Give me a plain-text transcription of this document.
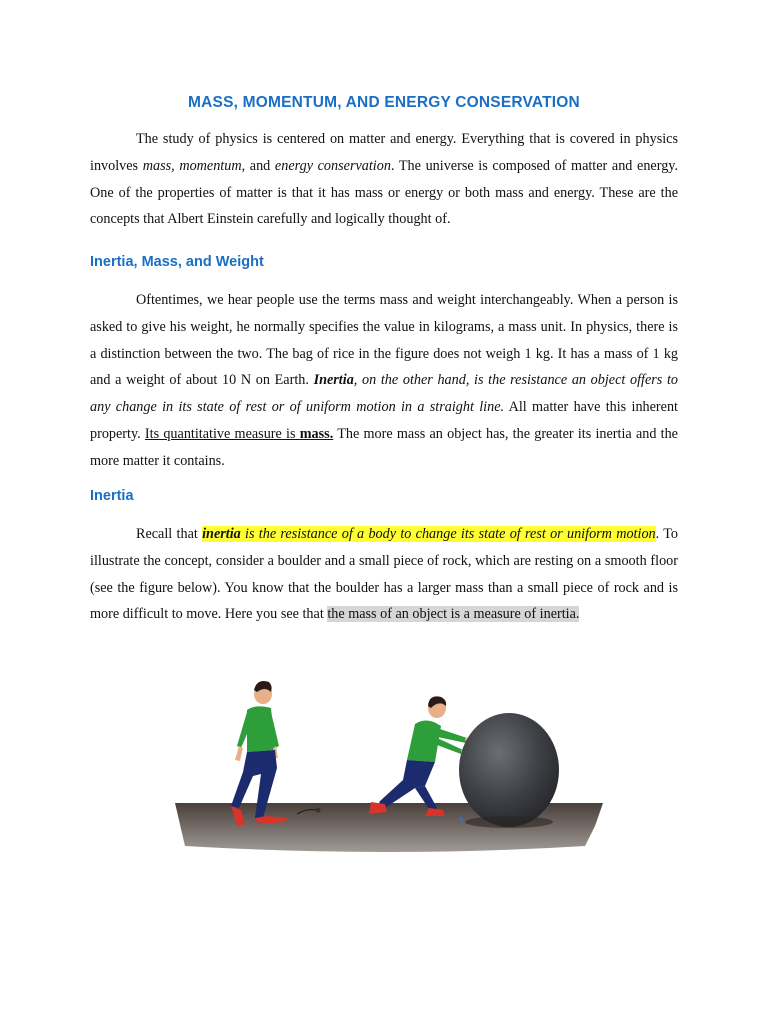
MASS, MOMENTUM, AND ENERGY CONSERVATION

The study of physics is centered on matter and energy. Everything that is covered in physics involves mass, momentum, and energy conservation. The universe is composed of matter and energy. One of the properties of matter is that it has mass or energy or both mass and energy. These are the concepts that Albert Einstein carefully and logically thought of.

Inertia, Mass, and Weight

Oftentimes, we hear people use the terms mass and weight interchangeably. When a person is asked to give his weight, he normally specifies the value in kilograms, a mass unit. In physics, there is a distinction between the two. The bag of rice in the figure does not weigh 1 kg. It has a mass of 1 kg and a weight of about 10 N on Earth. Inertia, on the other hand, is the resistance an object offers to any change in its state of rest or of uniform motion in a straight line. All matter have this inherent property. Its quantitative measure is mass. The more mass an object has, the greater its inertia and the more matter it contains.

Inertia

Recall that inertia is the resistance of a body to change its state of rest or uniform motion. To illustrate the concept, consider a boulder and a small piece of rock, which are resting on a smooth floor (see the figure below). You know that the boulder has a larger mass than a small piece of rock and is more difficult to move. Here you see that the mass of an object is a measure of inertia.
